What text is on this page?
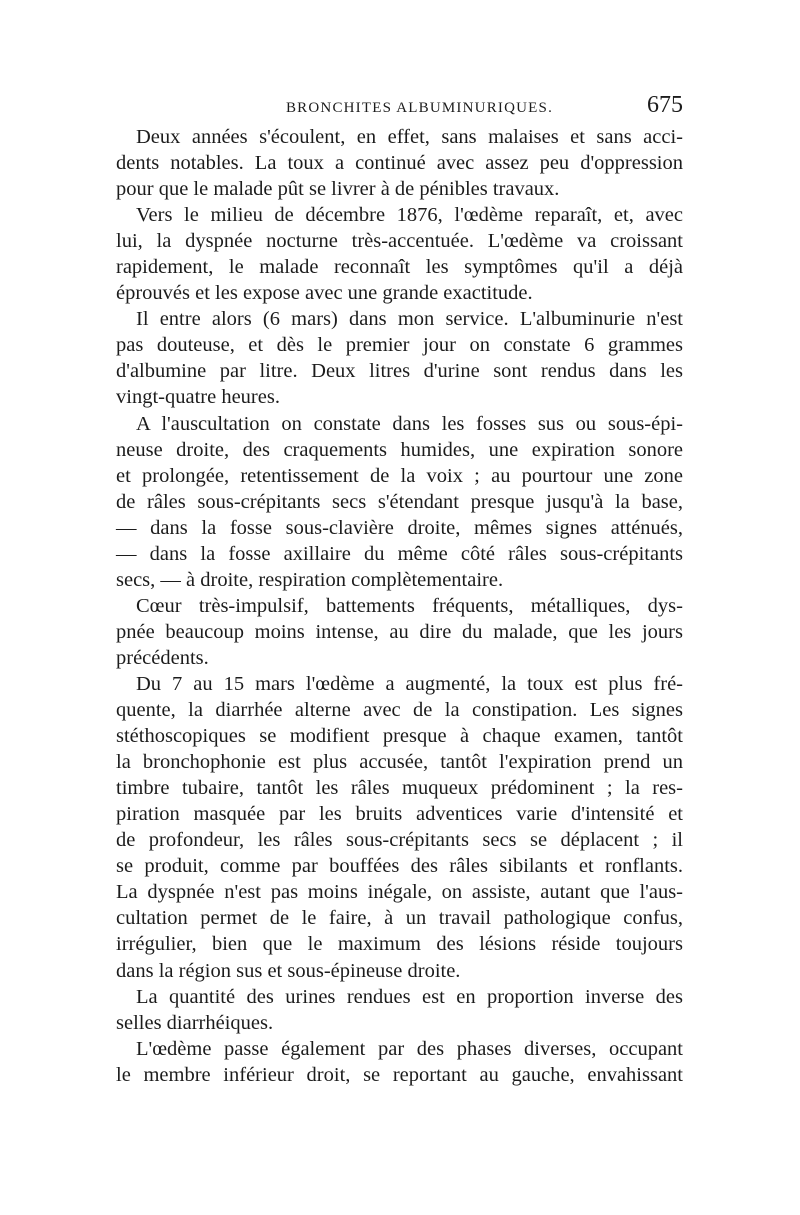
BRONCHITES ALBUMINURIQUES.	675
Deux années s'écoulent, en effet, sans malaises et sans acci-
dents notables. La toux a continué avec assez peu d'oppression
pour que le malade pût se livrer à de pénibles travaux.
Vers le milieu de décembre 1876, l'œdème reparaît, et, avec
lui, la dyspnée nocturne très-accentuée. L'œdème va croissant
rapidement, le malade reconnaît les symptômes qu'il a déjà
éprouvés et les expose avec une grande exactitude.
Il entre alors (6 mars) dans mon service. L'albuminurie n'est
pas douteuse, et dès le premier jour on constate 6 grammes
d'albumine par litre. Deux litres d'urine sont rendus dans les
vingt-quatre heures.
A l'auscultation on constate dans les fosses sus ou sous-épi-
neuse droite, des craquements humides, une expiration sonore
et prolongée, retentissement de la voix ; au pourtour une zone
de râles sous-crépitants secs s'étendant presque jusqu'à la base,
— dans la fosse sous-clavière droite, mêmes signes atténués,
— dans la fosse axillaire du même côté râles sous-crépitants
secs, — à droite, respiration complètementaire.
Cœur très-impulsif, battements fréquents, métalliques, dys-
pnée beaucoup moins intense, au dire du malade, que les jours
précédents.
Du 7 au 15 mars l'œdème a augmenté, la toux est plus fré-
quente, la diarrhée alterne avec de la constipation. Les signes
stéthoscopiques se modifient presque à chaque examen, tantôt
la bronchophonie est plus accusée, tantôt l'expiration prend un
timbre tubaire, tantôt les râles muqueux prédominent ; la res-
piration masquée par les bruits adventices varie d'intensité et
de profondeur, les râles sous-crépitants secs se déplacent ; il
se produit, comme par bouffées des râles sibilants et ronflants.
La dyspnée n'est pas moins inégale, on assiste, autant que l'aus-
cultation permet de le faire, à un travail pathologique confus,
irrégulier, bien que le maximum des lésions réside toujours
dans la région sus et sous-épineuse droite.
La quantité des urines rendues est en proportion inverse des
selles diarrhéiques.
L'œdème passe également par des phases diverses, occupant
le membre inférieur droit, se reportant au gauche, envahissant
